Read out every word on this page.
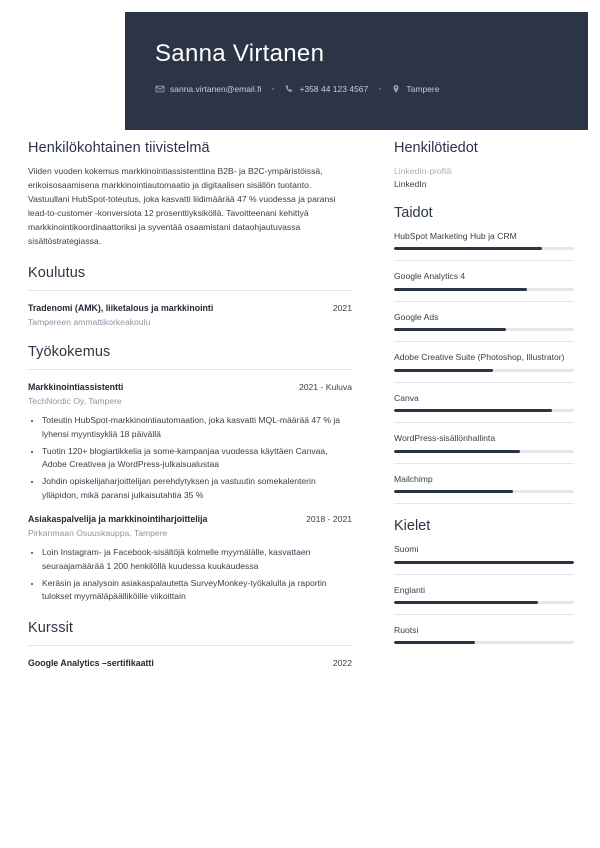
Sanna Virtanen
sanna.virtanen@email.fi •	+358 44 123 4567 •	Tampere
Henkilökohtainen tiivistelmä

Viiden vuoden kokemus markkinointiassistenttina B2B- ja B2C-ympäristöissä, erikoisosaamisena markkinointiautomaatio ja digitaalisen sisällön tuotanto. Vastuullani HubSpot-toteutus, joka kasvatti liidimäärää 47 % vuodessa ja paransi lead-to-customer -konversiota 12 prosenttiyksiköllä. Tavoitteenani kehittyä markkinointikoordinaattoriksi ja syventää osaamistani dataohjautuvassa sisältöstrategiassa.

Koulutus
Tradenomi (AMK), liiketalous ja markkinointi	2021
Tampereen ammattikorkeakoulu
Työkokemus
Markkinointiassistentti	2021 - Kuluva
TechNordic Oy, Tampere
• Toteutin HubSpot-markkinointiautomaation, joka kasvatti MQL-määrää 47 % ja lyhensi myyntisykliä 18 päivällä
• Tuotin 120+ blogiartikkelia ja some-kampanjaa vuodessa käyttäen Canvaa, Adobe Creativea ja WordPress-julkaisualustaa
• Johdin opiskelijaharjoittelijan perehdytyksen ja vastuutin somekalenterin ylläpidon, mikä paransi julkaisutahtia 35 %
Asiakaspalvelija ja markkinointiharjoittelija	2018 - 2021
Pirkanmaan Osuuskauppa, Tampere
• Loin Instagram- ja Facebook-sisältöjä kolmelle myymälälle, kasvattaen seuraajamäärää 1 200 henkilöllä kuudessa kuukaudessa
• Keräsin ja analysoin asiakaspalautetta SurveyMonkey-työkalulla ja raportin tulokset myymäläpäälliköille viikoittain
Kurssit
Google Analytics –sertifikaatti	2022
Henkilötiedot
LinkedIn-profiili
LinkedIn
Taidot
HubSpot Marketing Hub ja CRM
Google Analytics 4
Google Ads
Adobe Creative Suite (Photoshop, Illustrator)
Canva
WordPress-sisällönhallinta
Mailchimp
Kielet
Suomi
Englanti
Ruotsi
